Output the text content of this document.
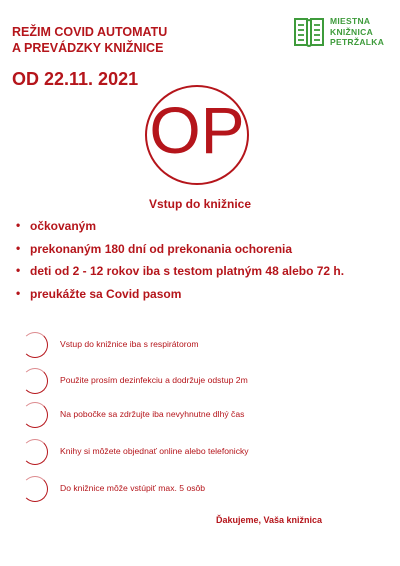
REŽIM COVID AUTOMATU
A PREVÁDZKY KNIŽNICE
OD 22.11. 2021
MIESTNA
KNIŽNICA
PETRŽALKA
OP
Vstup do knižnice
• očkovaným
• prekonaným 180 dní od prekonania ochorenia
• deti od 2 - 12 rokov iba s testom platným 48 alebo 72 h.
• preukážte sa Covid pasom
Vstup do knižnice iba s respirátorom
Použite prosím dezinfekciu a dodržuje odstup 2m
Na pobočke sa zdržujte iba nevyhnutne dlhý čas
Knihy si môžete objednať online alebo telefonicky
Do knižnice môže vstúpiť max. 5 osôb
Ďakujeme, Vaša knižnica
